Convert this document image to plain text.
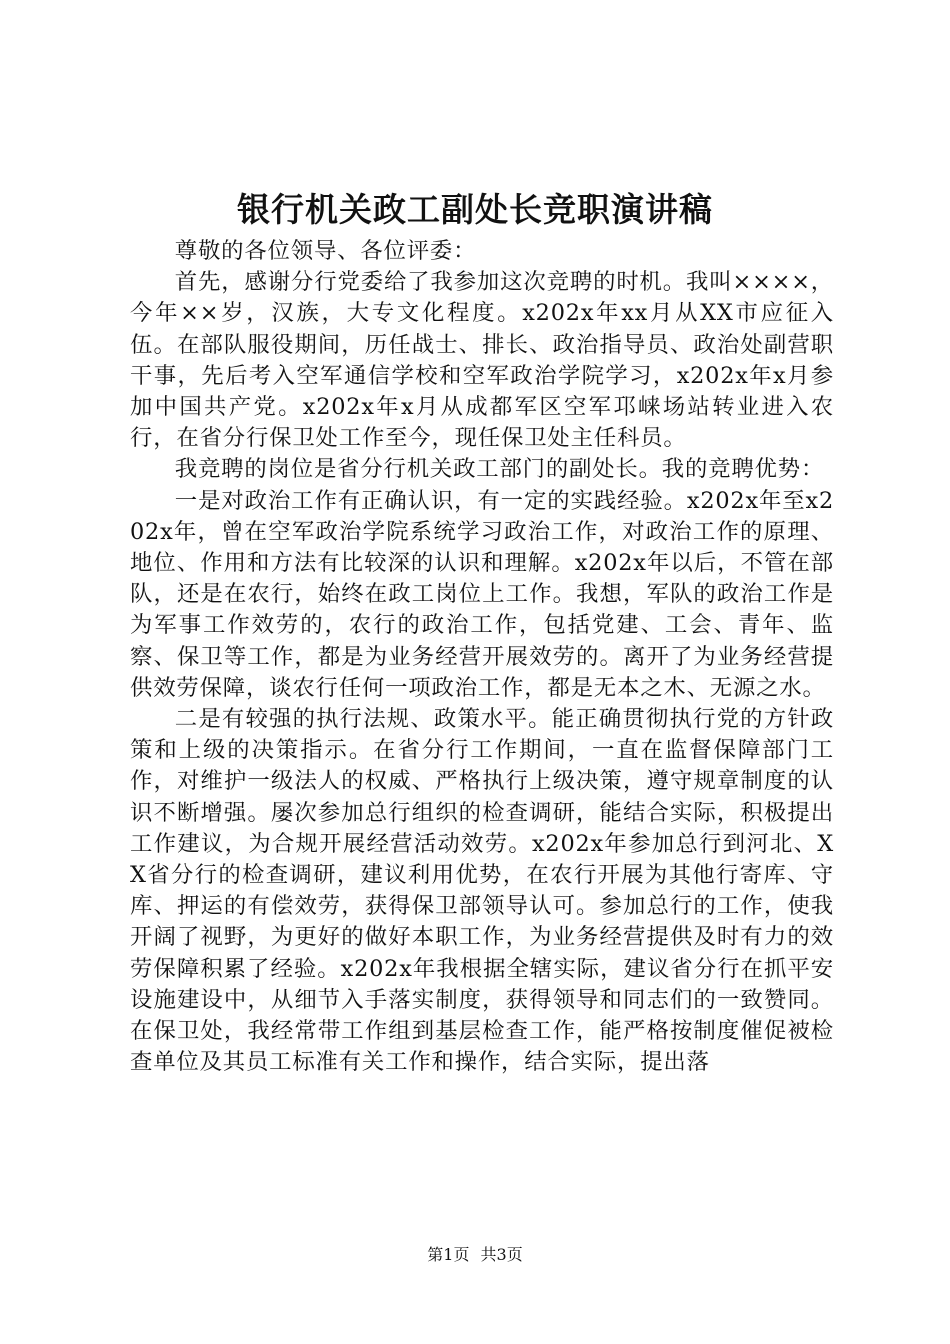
银行机关政工副处长竞职演讲稿

尊敬的各位领导、各位评委：

首先，感谢分行党委给了我参加这次竞聘的时机。我叫××××，今年××岁，汉族，大专文化程度。x202x年xx月从XX市应征入伍。在部队服役期间，历任战士、排长、政治指导员、政治处副营职干事，先后考入空军通信学校和空军政治学院学习，x202x年x月参加中国共产党。x202x年x月从成都军区空军邛崃场站转业进入农行，在省分行保卫处工作至今，现任保卫处主任科员。

我竞聘的岗位是省分行机关政工部门的副处长。我的竞聘优势：

一是对政治工作有正确认识，有一定的实践经验。x202x年至x202x年，曾在空军政治学院系统学习政治工作，对政治工作的原理、地位、作用和方法有比较深的认识和理解。x202x年以后，不管在部队，还是在农行，始终在政工岗位上工作。我想，军队的政治工作是为军事工作效劳的，农行的政治工作，包括党建、工会、青年、监察、保卫等工作，都是为业务经营开展效劳的。离开了为业务经营提供效劳保障，谈农行任何一项政治工作，都是无本之木、无源之水。

二是有较强的执行法规、政策水平。能正确贯彻执行党的方针政策和上级的决策指示。在省分行工作期间，一直在监督保障部门工作，对维护一级法人的权威、严格执行上级决策，遵守规章制度的认识不断增强。屡次参加总行组织的检查调研，能结合实际，积极提出工作建议，为合规开展经营活动效劳。x202x年参加总行到河北、XX省分行的检查调研，建议利用优势，在农行开展为其他行寄库、守库、押运的有偿效劳，获得保卫部领导认可。参加总行的工作，使我开阔了视野，为更好的做好本职工作，为业务经营提供及时有力的效劳保障积累了经验。x202x年我根据全辖实际，建议省分行在抓平安设施建设中，从细节入手落实制度，获得领导和同志们的一致赞同。在保卫处，我经常带工作组到基层检查工作，能严格按制度催促被检查单位及其员工标准有关工作和操作，结合实际，提出落

第1页 共3页
